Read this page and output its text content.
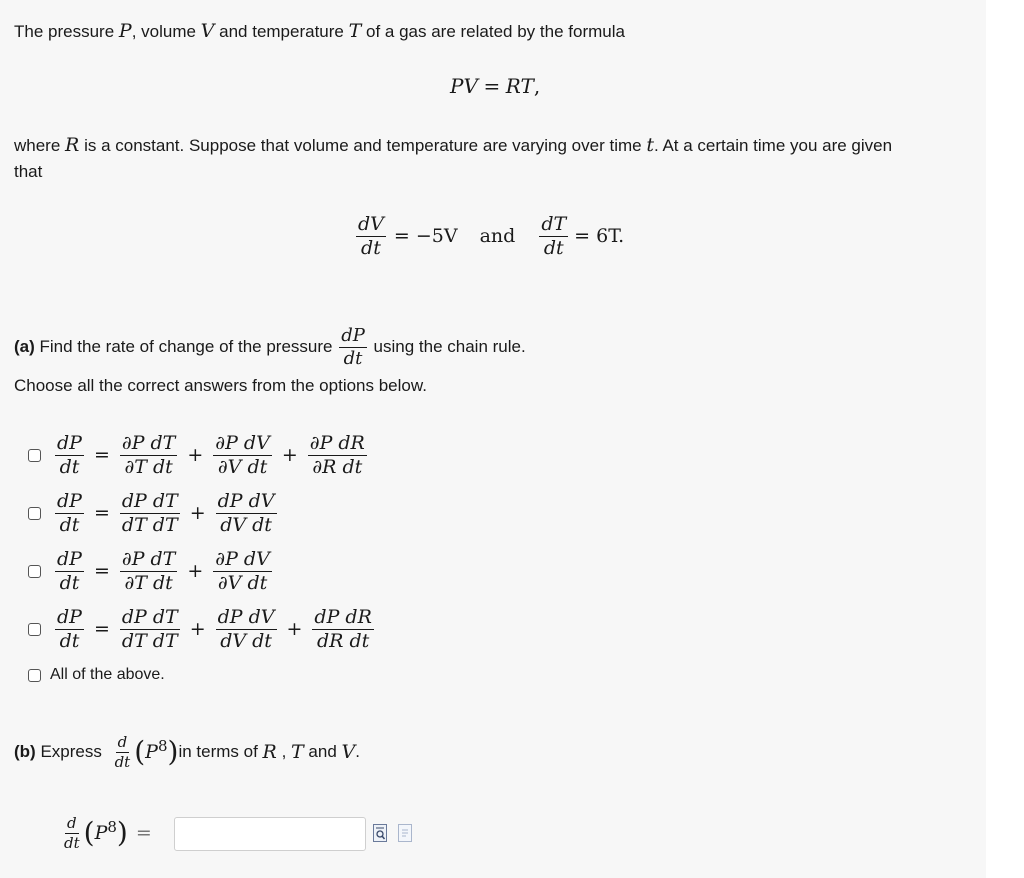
The pressure P, volume V and temperature T of a gas are related by the formula
PV = RT,
where R is a constant. Suppose that volume and temperature are varying over time t. At a certain time you are given
that
$\frac{dV}{dt} = -5V$ and $\frac{dT}{dt} = 6T$.
(a) Find the rate of change of the pressure $\frac{dP}{dt}$ using the chain rule.
Choose all the correct answers from the options below.
$\frac{dP}{dt} = \frac{\text{∂P dT}}{\text{∂T dt}} + \frac{\text{∂P dV}}{\text{∂V dt}} + \frac{\text{∂P dR}}{\text{∂R dt}}$
$\frac{dP}{dt} = \frac{\text{dP dT}}{\text{dT dT}} + \frac{\text{dP dV}}{\text{dV dt}}$
$\frac{dP}{dt} = \frac{\text{∂P dT}}{\text{∂T dt}} + \frac{\text{∂P dV}}{\text{∂V dt}}$
$\frac{dP}{dt} = \frac{\text{dP dT}}{\text{dT dT}} + \frac{\text{dP dV}}{\text{dV dt}} + \frac{\text{dP dR}}{\text{dR dt}}$
All of the above.
(b) Express $\frac{d}{dt}$ ( P 8 ) in terms of R , T and V .
$\frac{d}{dt}$ ( P 8 ) =
